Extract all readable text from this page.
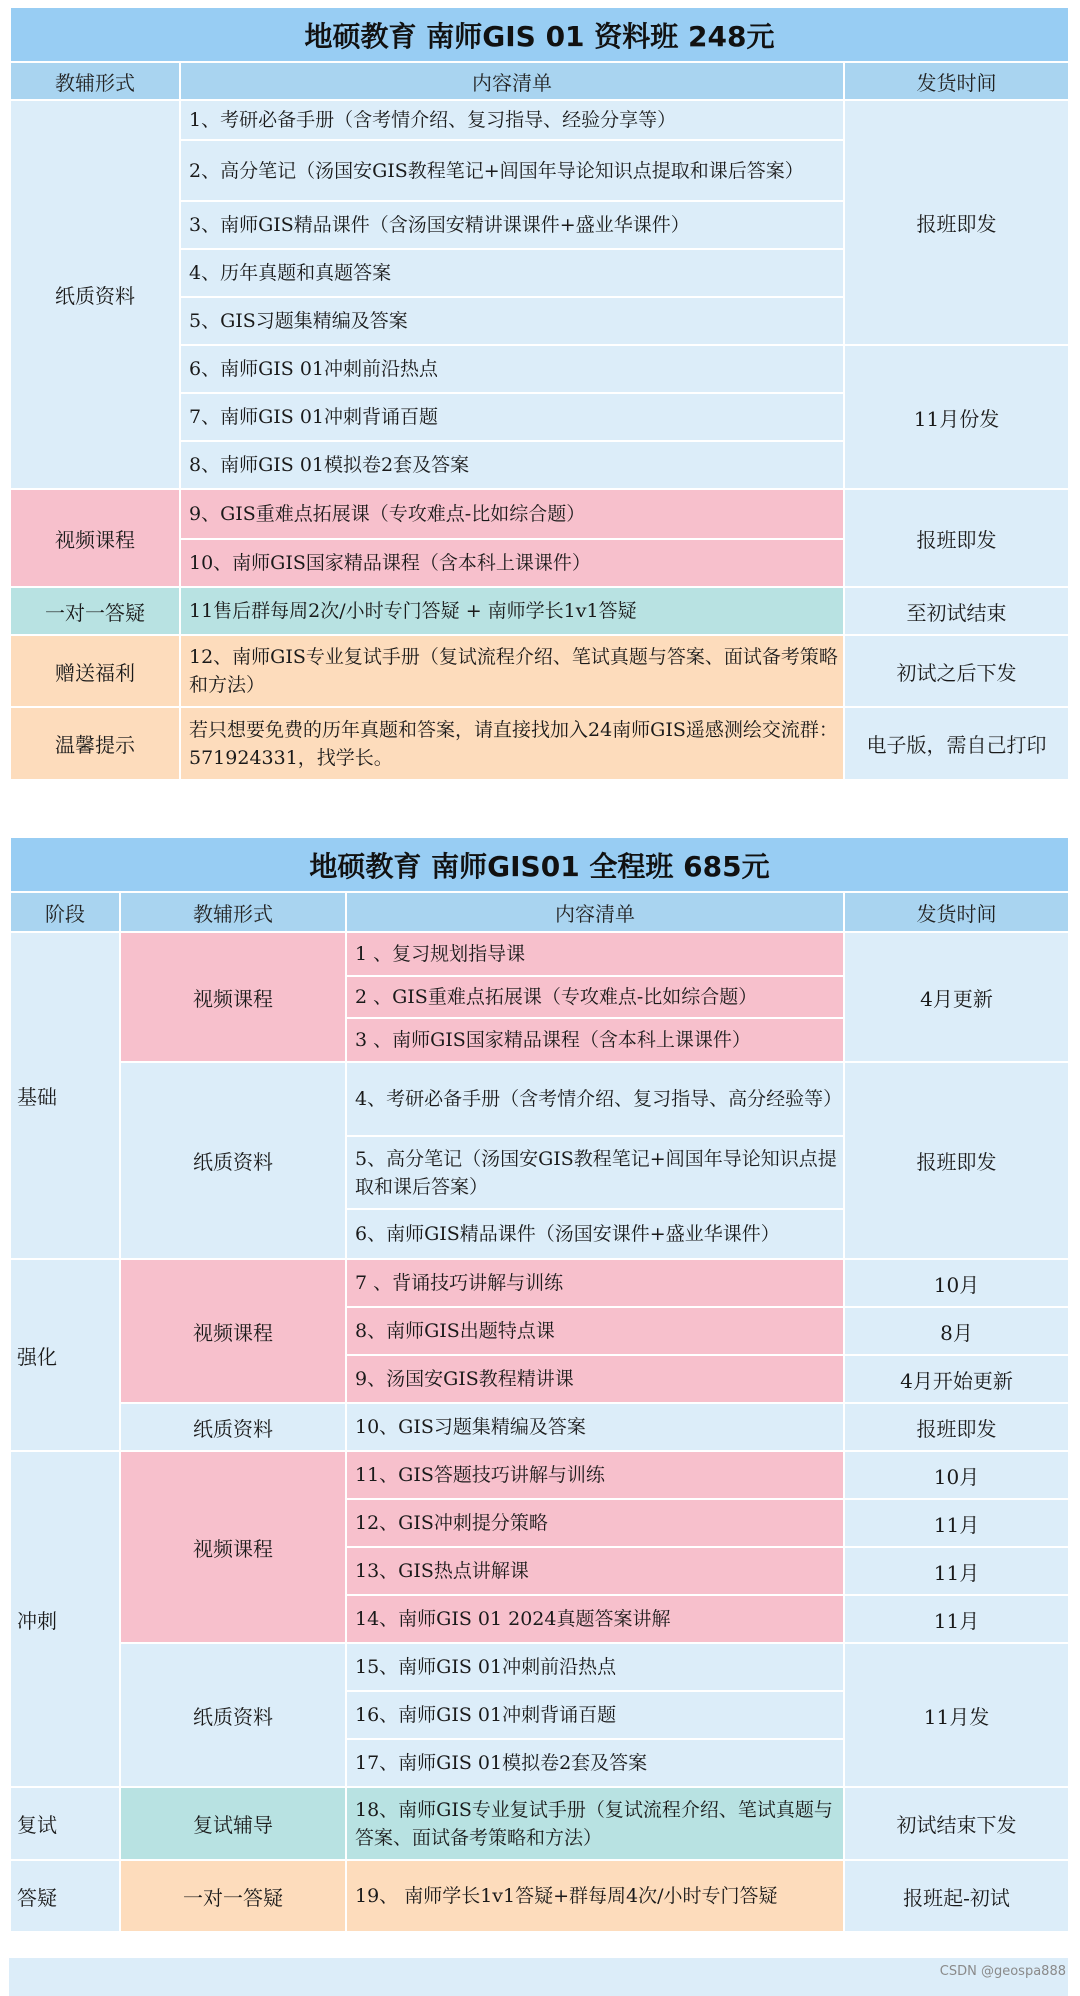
地硕教育 南师GIS 01 资料班 248元		
教辅形式	内容清单	发货时间
纸质资料	1、考研必备手册（含考情介绍、复习指导、经验分享等）	报班即发
	2、高分笔记（汤国安GIS教程笔记+闾国年导论知识点提取和课后答案）	
	3、南师GIS精品课件（含汤国安精讲课课件+盛业华课件）	
	4、历年真题和真题答案	
	5、GIS习题集精编及答案	
	6、南师GIS 01冲刺前沿热点	11月份发
	7、南师GIS 01冲刺背诵百题	
	8、南师GIS 01模拟卷2套及答案	
视频课程	9、GIS重难点拓展课（专攻难点-比如综合题）	报班即发
	10、南师GIS国家精品课程（含本科上课课件）	
一对一答疑	11售后群每周2次/小时专门答疑 + 南师学长1v1答疑	至初试结束
赠送福利	12、南师GIS专业复试手册（复试流程介绍、笔试真题与答案、面试备考策略和方法）	初试之后下发
温馨提示	若只想要免费的历年真题和答案，请直接找加入24南师GIS遥感测绘交流群：571924331，找学长。	电子版，需自己打印
地硕教育 南师GIS01 全程班 685元			
阶段	教辅形式	内容清单	发货时间
基础	视频课程	1 、复习规划指导课	4月更新
		2 、GIS重难点拓展课（专攻难点-比如综合题）	
		3 、南师GIS国家精品课程（含本科上课课件）	
	纸质资料	4、考研必备手册（含考情介绍、复习指导、高分经验等）	报班即发
		5、高分笔记（汤国安GIS教程笔记+闾国年导论知识点提取和课后答案）	
		6、南师GIS精品课件（汤国安课件+盛业华课件）	
强化	视频课程	7 、背诵技巧讲解与训练	10月
		8、南师GIS出题特点课	8月
		9、汤国安GIS教程精讲课	4月开始更新
	纸质资料	10、GIS习题集精编及答案	报班即发
冲刺	视频课程	11、GIS答题技巧讲解与训练	10月
		12、GIS冲刺提分策略	11月
		13、GIS热点讲解课	11月
		14、南师GIS 01 2024真题答案讲解	11月
	纸质资料	15、南师GIS 01冲刺前沿热点	11月发
		16、南师GIS 01冲刺背诵百题	
		17、南师GIS 01模拟卷2套及答案	
复试	复试辅导	18、南师GIS专业复试手册（复试流程介绍、笔试真题与答案、面试备考策略和方法）	初试结束下发
答疑	一对一答疑	19、 南师学长1v1答疑+群每周4次/小时专门答疑	报班起-初试
CSDN @geospa888
